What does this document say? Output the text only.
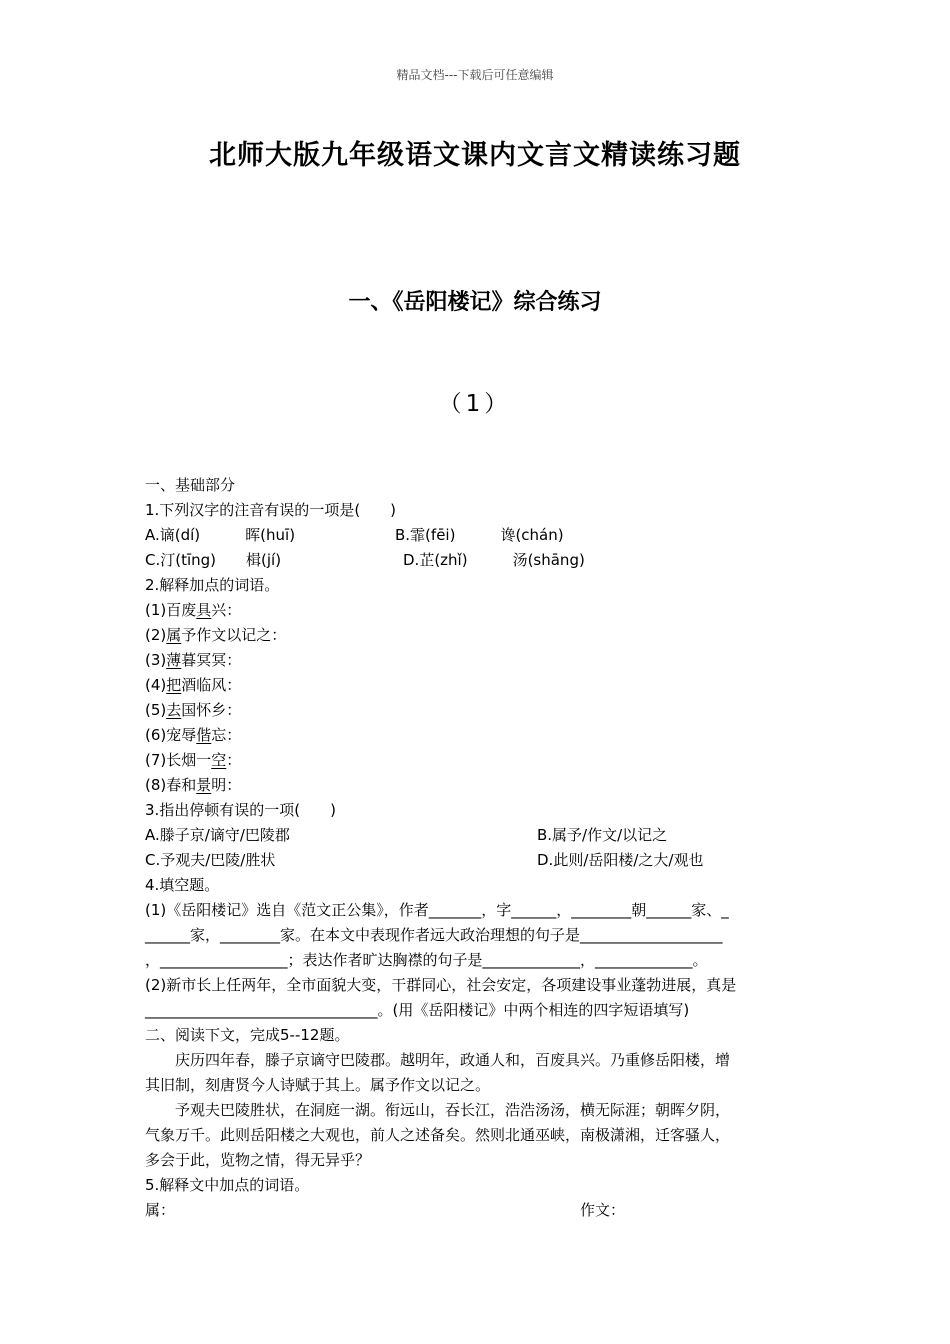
精品文档---下载后可任意编辑
北师大版九年级语文课内文言文精读练习题
一、《岳阳楼记》综合练习
（1）
一、基础部分
1.下列汉字的注音有误的一项是(　　)
A.谪(dí)　　　晖(huī)	B.霏(fēi)　　　谗(chán)
C.汀(tīng)　　楫(jí)	D.芷(zhǐ)　　　汤(shāng)
2.解释加点的词语。
(1)百废具兴：
(2)属予作文以记之：
(3)薄暮冥冥：
(4)把酒临风：
(5)去国怀乡：
(6)宠辱偕忘：
(7)长烟一空：
(8)春和景明：
3.指出停顿有误的一项(　　)
A.滕子京/谪守/巴陵郡	B.属予/作文/以记之
C.予观夫/巴陵/胜状	D.此则/岳阳楼/之大/观也
4.填空题。
(1)《岳阳楼记》选自《范文正公集》，作者_______，字______，________朝______家、_
______家，________家。在本文中表现作者远大政治理想的句子是___________________
，_________________；表达作者旷达胸襟的句子是_____________，_____________。
(2)新市长上任两年，全市面貌大变，干群同心，社会安定，各项建设事业蓬勃进展，真是
_______________________________。(用《岳阳楼记》中两个相连的四字短语填写)
二、阅读下文，完成5--12题。
　　庆历四年春，滕子京谪守巴陵郡。越明年，政通人和，百废具兴。乃重修岳阳楼，增
其旧制，刻唐贤今人诗赋于其上。属予作文以记之。
　　予观夫巴陵胜状，在洞庭一湖。衔远山，吞长江，浩浩汤汤，横无际涯；朝晖夕阴，
气象万千。此则岳阳楼之大观也，前人之述备矣。然则北通巫峡，南极潇湘，迁客骚人，
多会于此，览物之情，得无异乎？
5.解释文中加点的词语。
属：	作文：
